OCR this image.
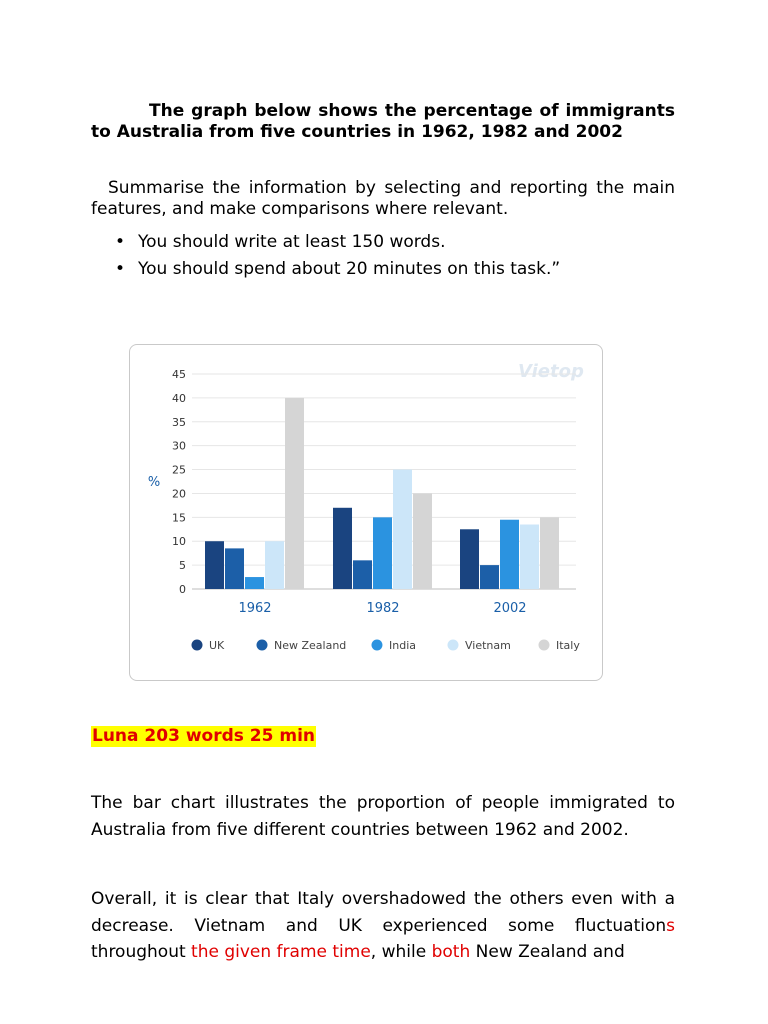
The graph below shows the percentage of immigrants to Australia from five countries in 1962, 1982 and 2002
Summarise the information by selecting and reporting the main features, and make comparisons where relevant.
• You should write at least 150 words.
• You should spend about 20 minutes on this task.”
Vietop
0
5
10
15
20
25
30
35
40
45
%
1962	1982	2002
UK	New Zealand	India	Vietnam	Italy
Luna 203 words 25 min

The bar chart illustrates the proportion of people immigrated to Australia from five different countries between 1962 and 2002.

Overall, it is clear that Italy overshadowed the others even with a decrease. Vietnam and UK experienced some fluctuations throughout the given frame time, while both New Zealand and
